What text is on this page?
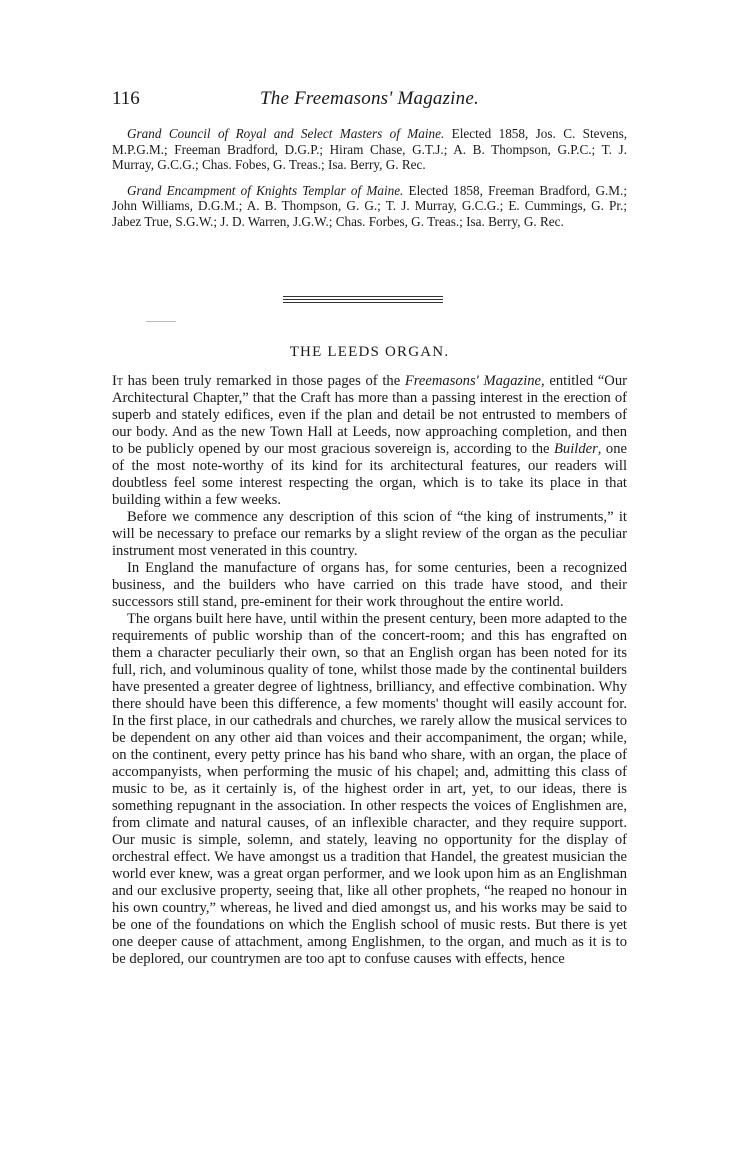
116	The Freemasons' Magazine.

Grand Council of Royal and Select Masters of Maine. Elected 1858, Jos. C. Stevens, M.P.G.M.; Freeman Bradford, D.G.P.; Hiram Chase, G.T.J.; A. B. Thompson, G.P.C.; T. J. Murray, G.C.G.; Chas. Fobes, G. Treas.; Isa. Berry, G. Rec.

Grand Encampment of Knights Templar of Maine. Elected 1858, Freeman Bradford, G.M.; John Williams, D.G.M.; A. B. Thompson, G. G.; T. J. Murray, G.C.G.; E. Cummings, G. Pr.; Jabez True, S.G.W.; J. D. Warren, J.G.W.; Chas. Forbes, G. Treas.; Isa. Berry, G. Rec.

THE LEEDS ORGAN.

It has been truly remarked in those pages of the Freemasons' Magazine, entitled “Our Architectural Chapter,” that the Craft has more than a passing interest in the erection of superb and stately edifices, even if the plan and detail be not entrusted to members of our body. And as the new Town Hall at Leeds, now approaching completion, and then to be publicly opened by our most gracious sovereign is, according to the Builder, one of the most note-worthy of its kind for its architectural features, our readers will doubtless feel some interest respecting the organ, which is to take its place in that building within a few weeks.

Before we commence any description of this scion of “the king of instruments,” it will be necessary to preface our remarks by a slight review of the organ as the peculiar instrument most venerated in this country.

In England the manufacture of organs has, for some centuries, been a recognized business, and the builders who have carried on this trade have stood, and their successors still stand, pre-eminent for their work throughout the entire world.

The organs built here have, until within the present century, been more adapted to the requirements of public worship than of the concert-room; and this has engrafted on them a character peculiarly their own, so that an English organ has been noted for its full, rich, and voluminous quality of tone, whilst those made by the continental builders have presented a greater degree of lightness, brilliancy, and effective combination. Why there should have been this difference, a few moments' thought will easily account for. In the first place, in our cathedrals and churches, we rarely allow the musical services to be dependent on any other aid than voices and their accompaniment, the organ; while, on the continent, every petty prince has his band who share, with an organ, the place of accompanyists, when performing the music of his chapel; and, admitting this class of music to be, as it certainly is, of the highest order in art, yet, to our ideas, there is something repugnant in the association. In other respects the voices of Englishmen are, from climate and natural causes, of an inflexible character, and they require support. Our music is simple, solemn, and stately, leaving no opportunity for the display of orchestral effect. We have amongst us a tradition that Handel, the greatest musician the world ever knew, was a great organ performer, and we look upon him as an Englishman and our exclusive property, seeing that, like all other prophets, “he reaped no honour in his own country,” whereas, he lived and died amongst us, and his works may be said to be one of the foundations on which the English school of music rests. But there is yet one deeper cause of attachment, among Englishmen, to the organ, and much as it is to be deplored, our countrymen are too apt to confuse causes with effects, hence
